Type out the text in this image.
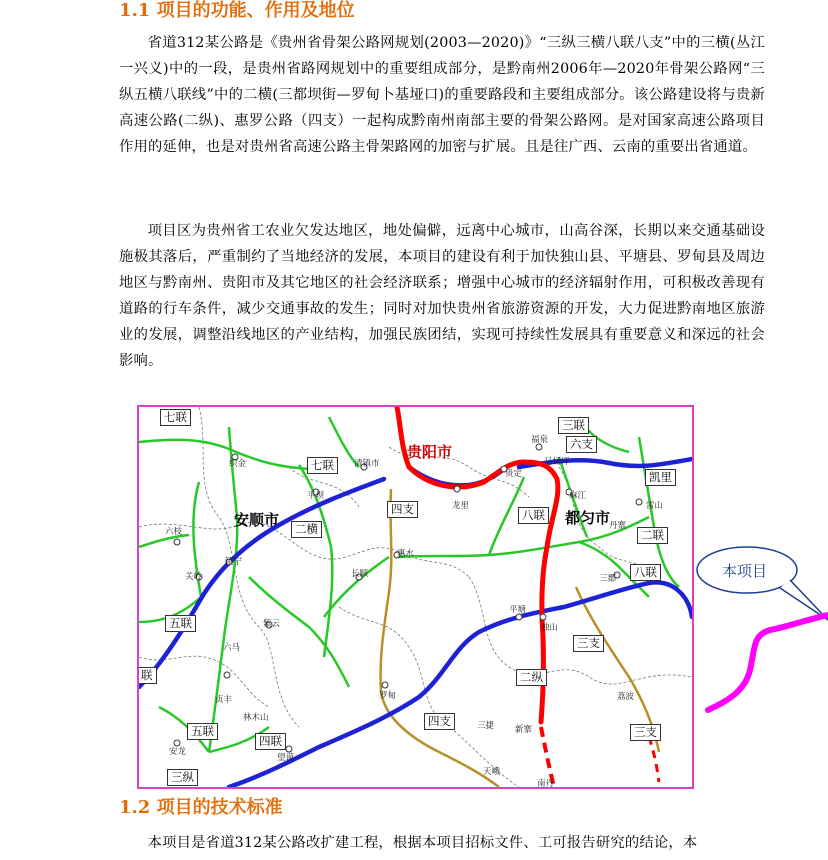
1.1 项目的功能、作用及地位
省道312某公路是《贵州省骨架公路网规划(2003—2020)》“三纵三横八联八支”中的三横(丛江一兴义)中的一段，是贵州省路网规划中的重要组成部分，是黔南州2006年—2020年骨架公路网“三纵五横八联线”中的二横(三都坝街—罗甸卜基垭口)的重要路段和主要组成部分。该公路建设将与贵新高速公路(二纵)、惠罗公路（四支）一起构成黔南州南部主要的骨架公路网。是对国家高速公路项目作用的延伸，也是对贵州省高速公路主骨架路网的加密与扩展。且是往广西、云南的重要出省通道。
项目区为贵州省工农业欠发达地区，地处偏僻，远离中心城市，山高谷深，长期以来交通基础设施极其落后，严重制约了当地经济的发展，本项目的建设有利于加快独山县、平塘县、罗甸县及周边地区与黔南州、贵阳市及其它地区的社会经济联系；增强中心城市的经济辐射作用，可积极改善现有道路的行车条件，减少交通事故的发生；同时对加快贵州省旅游资源的开发，大力促进黔南地区旅游业的发展，调整沿线地区的产业结构，加强民族团结，实现可持续性发展具有重要意义和深远的社会影响。
七联
七联
三联
六支
凯里
二横
四支	八联
二联
八联
五联
联
三支
二纵
五联
四联
四支
三支
三纵
贵阳市
安顺市	都匀市
织金	清镇市
平坝
龙里
贵定
福泉
马场坪
麻江
雷山
丹寨
惠水
长顺
六枝
关岭
镇宁
紫云
六马
望谟
贞丰
林木山
安龙
平塘
独山
三都
荔波
罗甸
三捷 新寨
天峨
南丹
本项目
1.2 项目的技术标准
本项目是省道312某公路改扩建工程，根据本项目招标文件、工可报告研究的结论，本
